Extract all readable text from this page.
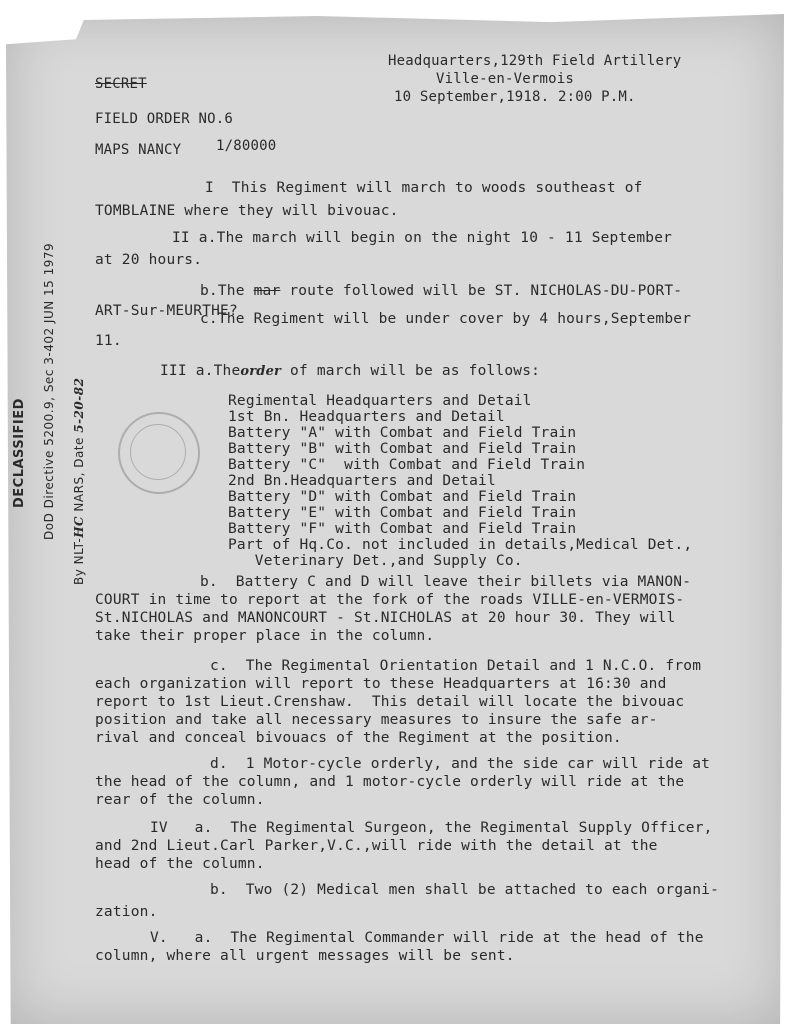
SECRET
FIELD ORDER NO.6
MAPS NANCY 1/80000
Headquarters,129th Field Artillery
Ville-en-Vermois
10 September,1918. 2:00 P.M.
DECLASSIFIED DoD Directive 5200.9, Sec 3-402 JUN 15 1979
By NLT-HC NARS, Date 5-20-82
I  This Regiment will march to woods southeast of
TOMBLAINE where they will bivouac.
II a.The march will begin on the night 10 - 11 September
at 20 hours.
b.The mar route followed will be ST. NICHOLAS-DU-PORT-
ART-Sur-MEURTHE?
c.The Regiment will be under cover by 4 hours,September
11.
III a.Theorder of march will be as follows:
Regimental Headquarters and Detail
1st Bn. Headquarters and Detail
Battery "A" with Combat and Field Train
Battery "B" with Combat and Field Train
Battery "C"  with Combat and Field Train
2nd Bn.Headquarters and Detail
Battery "D" with Combat and Field Train
Battery "E" with Combat and Field Train
Battery "F" with Combat and Field Train
Part of Hq.Co. not included in details,Medical Det.,
Veterinary Det.,and Supply Co.
b.  Battery C and D will leave their billets via MANON-
COURT in time to report at the fork of the roads VILLE-en-VERMOIS-
St.NICHOLAS and MANONCOURT - St.NICHOLAS at 20 hour 30. They will
take their proper place in the column.
c.  The Regimental Orientation Detail and 1 N.C.O. from
each organization will report to these Headquarters at 16:30 and
report to 1st Lieut.Crenshaw.  This detail will locate the bivouac
position and take all necessary measures to insure the safe ar-
rival and conceal bivouacs of the Regiment at the position.
d.  1 Motor-cycle orderly, and the side car will ride at
the head of the column, and 1 motor-cycle orderly will ride at the
rear of the column.
IV   a.  The Regimental Surgeon, the Regimental Supply Officer,
and 2nd Lieut.Carl Parker,V.C.,will ride with the detail at the
head of the column.
b.  Two (2) Medical men shall be attached to each organi-
zation.
V.   a.  The Regimental Commander will ride at the head of the
column, where all urgent messages will be sent.
